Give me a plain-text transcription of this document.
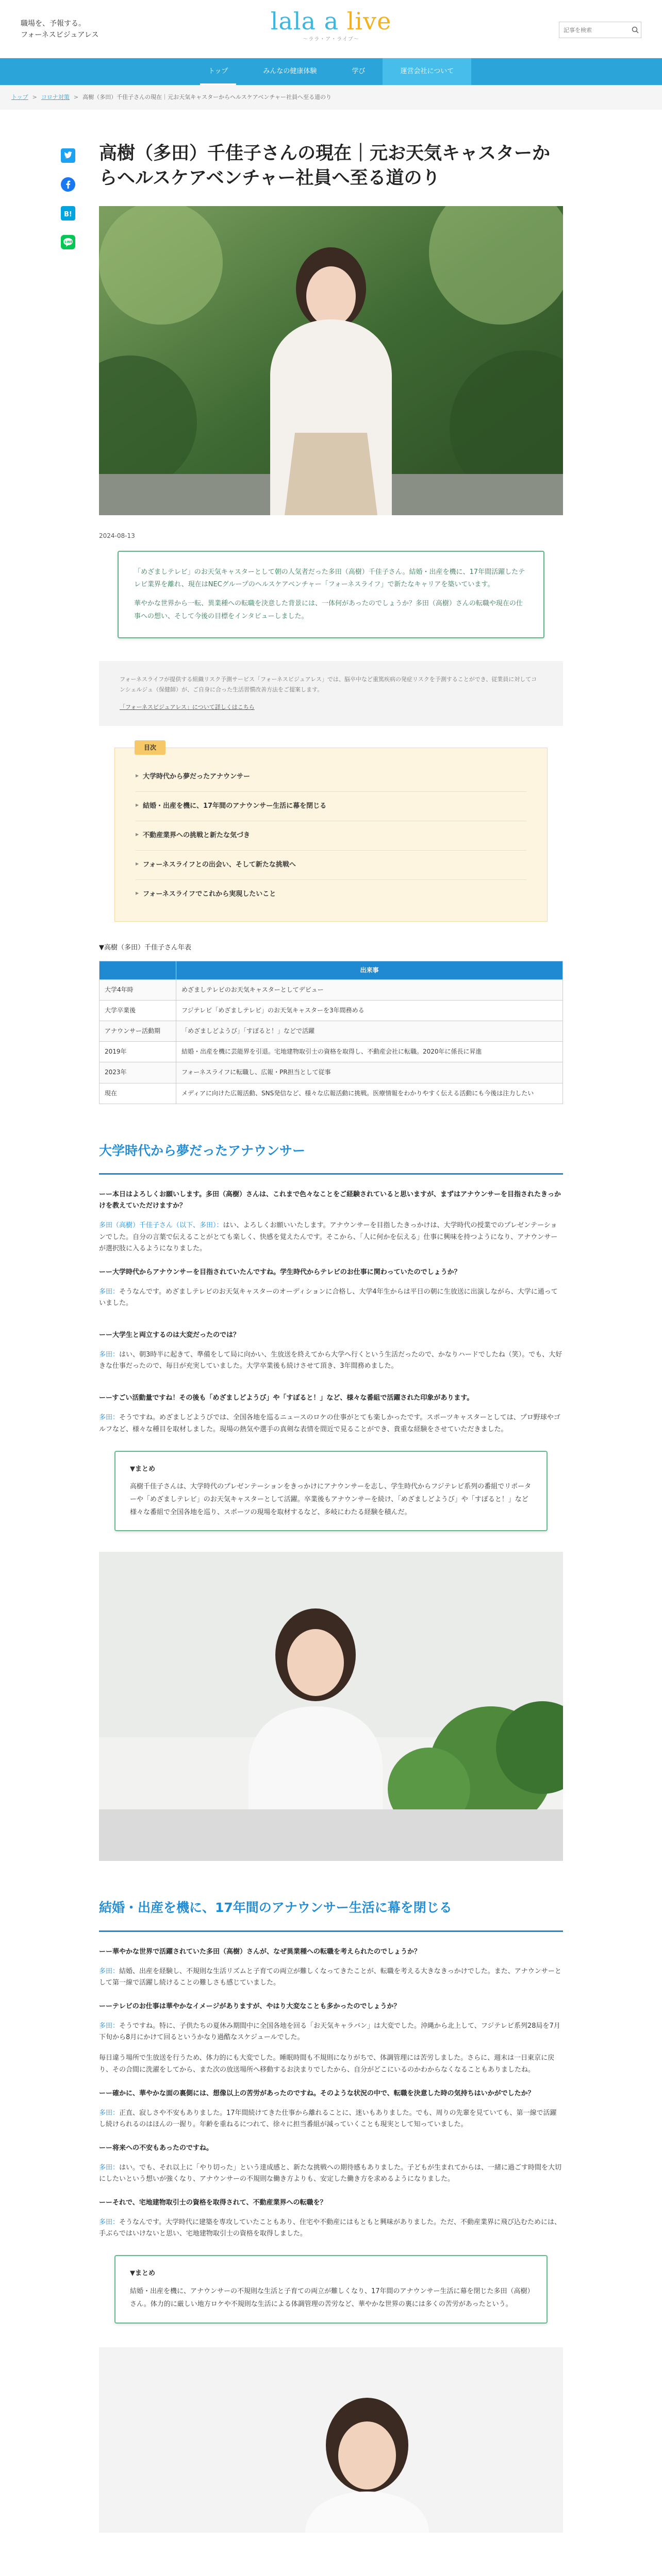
職場を、予報する。
フォーネスビジュアレス	lala a live
～ララ・ア・ライブ～
記事を検索
トップ	みんなの健康体験	学び	運営会社について
トップ > コロナ対策 > 高樹（多田）千佳子さんの現在｜元お天気キャスターからヘルスケアベンチャー社員へ至る道のり
B!
LINE
高樹（多田）千佳子さんの現在｜元お天気キャスターからヘルスケアベンチャー社員へ至る道のり
2024-08-13

「めざましテレビ」のお天気キャスターとして朝の人気者だった多田（高樹）千佳子さん。結婚・出産を機に、17年間活躍したテレビ業界を離れ、現在はNECグループのヘルスケアベンチャー「フォーネスライフ」で新たなキャリアを築いています。

華やかな世界から一転、異業種への転職を決意した背景には、一体何があったのでしょうか？多田（高樹）さんの転職や現在の仕事への想い、そして今後の目標をインタビューしました。

フォーネスライフが提供する組織リスク予測サービス「フォーネスビジュアレス」では、脳卒中など重篤疾病の発症リスクを予測することができ、従業員に対してコンシェルジュ（保健師）が、ご自身に合った生活習慣改善方法をご提案します。

「フォーネスビジュアレス」について詳しくはこちら
目次
▶ 大学時代から夢だったアナウンサー
▶ 結婚・出産を機に、17年間のアナウンサー生活に幕を閉じる
▶ 不動産業界への挑戦と新たな気づき
▶ フォーネスライフとの出会い、そして新たな挑戦へ
▶ フォーネスライフでこれから実現したいこと
▼高樹（多田）千佳子さん年表
	出来事
大学4年時	めざましテレビのお天気キャスターとしてデビュー
大学卒業後	フジテレビ「めざましテレビ」のお天気キャスターを3年間務める
アナウンサー活動期	「めざましどようび」「すぽると！」などで活躍
2019年	結婚・出産を機に芸能界を引退。宅地建物取引士の資格を取得し、不動産会社に転職。2020年に係長に昇進
2023年	フォーネスライフに転職し、広報・PR担当として従事
現在	メディアに向けた広報活動、SNS発信など、様々な広報活動に挑戦。医療情報をわかりやすく伝える活動にも今後は注力したい
大学時代から夢だったアナウンサー

ーー本日はよろしくお願いします。多田（高樹）さんは、これまで色々なことをご経験されていると思いますが、まずはアナウンサーを目指されたきっかけを教えていただけますか？

多田（高樹）千佳子さん（以下、多田）：はい、よろしくお願いいたします。アナウンサーを目指したきっかけは、大学時代の授業でのプレゼンテーションでした。自分の言葉で伝えることがとても楽しく、快感を覚えたんです。そこから、「人に何かを伝える」仕事に興味を持つようになり、アナウンサーが選択肢に入るようになりました。

ーー大学時代からアナウンサーを目指されていたんですね。学生時代からテレビのお仕事に関わっていたのでしょうか？

多田：そうなんです。めざましテレビのお天気キャスターのオーディションに合格し、大学4年生からは平日の朝に生放送に出演しながら、大学に通っていました。

ーー大学生と両立するのは大変だったのでは？

多田：はい、朝3時半に起きて、準備をして局に向かい、生放送を終えてから大学へ行くという生活だったので、かなりハードでしたね（笑）。でも、大好きな仕事だったので、毎日が充実していました。大学卒業後も続けさせて頂き、3年間務めました。

ーーすごい活動量ですね！その後も「めざましどようび」や「すぽると！」など、様々な番組で活躍された印象があります。

多田：そうですね。めざましどようびでは、全国各地を巡るニュースのロケの仕事がとても楽しかったです。スポーツキャスターとしては、プロ野球やゴルフなど、様々な種目を取材しました。現場の熱気や選手の真剣な表情を間近で見ることができ、貴重な経験をさせていただきました。

▼まとめ
高樹千佳子さんは、大学時代のプレゼンテーションをきっかけにアナウンサーを志し、学生時代からフジテレビ系列の番組でリポーターや「めざましテレビ」のお天気キャスターとして活躍。卒業後もアナウンサーを続け、「めざましどようび」や「すぽると！」など様々な番組で全国各地を巡り、スポーツの現場を取材するなど、多岐にわたる経験を積んだ。
結婚・出産を機に、17年間のアナウンサー生活に幕を閉じる

ーー華やかな世界で活躍されていた多田（高樹）さんが、なぜ異業種への転職を考えられたのでしょうか？

多田：結婚、出産を経験し、不規則な生活リズムと子育ての両立が難しくなってきたことが、転職を考える大きなきっかけでした。また、アナウンサーとして第一線で活躍し続けることの難しさも感じていました。

ーーテレビのお仕事は華やかなイメージがありますが、やはり大変なことも多かったのでしょうか？

多田：そうですね。特に、子供たちの夏休み期間中に全国各地を回る「お天気キャラバン」は大変でした。沖縄から北上して、フジテレビ系列28局を7月下旬から8月にかけて回るというかなり過酷なスケジュールでした。

毎日違う場所で生放送を行うため、体力的にも大変でした。睡眠時間も不規則になりがちで、体調管理には苦労しました。さらに、週末は一日東京に戻り、その合間に洗濯をしてから、また次の放送場所へ移動するお決まりでしたから、自分がどこにいるのかわからなくなることもありましたね。

ーー確かに、華やかな面の裏側には、想像以上の苦労があったのですね。そのような状況の中で、転職を決意した時の気持ちはいかがでしたか？

多田：正直、寂しさや不安もありました。17年間続けてきた仕事から離れることに、迷いもありました。でも、周りの先輩を見ていても、第一線で活躍し続けられるのはほんの一握り。年齢を重ねるにつれて、徐々に担当番組が減っていくことも現実として知っていました。

ーー将来への不安もあったのですね。

多田：はい。でも、それ以上に「やり切った」という達成感と、新たな挑戦への期待感もありました。子どもが生まれてからは、一緒に過ごす時間を大切にしたいという想いが強くなり、アナウンサーの不規則な働き方よりも、安定した働き方を求めるようになりました。

ーーそれで、宅地建物取引士の資格を取得されて、不動産業界への転職を？

多田：そうなんです。大学時代に建築を専攻していたこともあり、住宅や不動産にはもともと興味がありました。ただ、不動産業界に飛び込むためには、手ぶらではいけないと思い、宅地建物取引士の資格を取得しました。

▼まとめ
結婚・出産を機に、アナウンサーの不規則な生活と子育ての両立が難しくなり、17年間のアナウンサー生活に幕を閉じた多田（高樹）さん。体力的に厳しい地方ロケや不規則な生活による体調管理の苦労など、華やかな世界の裏には多くの苦労があったという。
